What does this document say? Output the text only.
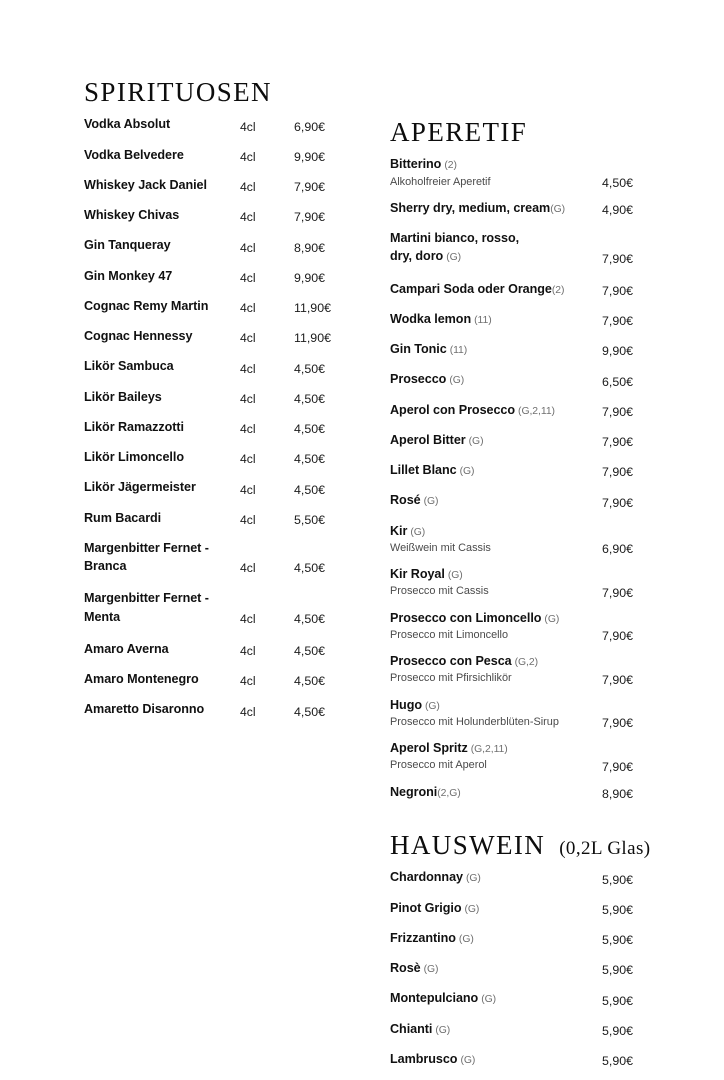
SPIRITUOSEN
Vodka Absolut	4cl	6,90€
Vodka Belvedere	4cl	9,90€
Whiskey Jack Daniel	4cl	7,90€
Whiskey Chivas	4cl	7,90€
Gin Tanqueray	4cl	8,90€
Gin Monkey 47	4cl	9,90€
Cognac Remy Martin	4cl	11,90€
Cognac Hennessy	4cl	11,90€
Likör Sambuca	4cl	4,50€
Likör Baileys	4cl	4,50€
Likör Ramazzotti	4cl	4,50€
Likör Limoncello	4cl	4,50€
Likör Jägermeister	4cl	4,50€
Rum Bacardi	4cl	5,50€
Margenbitter Fernet -
Branca	4cl	4,50€
Margenbitter Fernet -
Menta	4cl	4,50€
Amaro Averna	4cl	4,50€
Amaro Montenegro	4cl	4,50€
Amaretto Disaronno	4cl	4,50€
APERETIF
Bitterino (2)
Alkoholfreier Aperetif	4,50€
Sherry dry, medium, cream(G)	4,90€
Martini bianco, rosso,
dry, doro (G)	7,90€
Campari Soda oder Orange(2)	7,90€
Wodka lemon (11)	7,90€
Gin Tonic (11)	9,90€
Prosecco (G)	6,50€
Aperol con Prosecco (G,2,11)	7,90€
Aperol Bitter (G)	7,90€
Lillet Blanc (G)	7,90€
Rosé (G)	7,90€
Kir (G)
Weißwein mit Cassis	6,90€
Kir Royal (G)
Prosecco mit Cassis	7,90€
Prosecco con Limoncello (G)
Prosecco mit Limoncello	7,90€
Prosecco con Pesca (G,2)
Prosecco mit Pfirsichlikör	7,90€
Hugo (G)
Prosecco mit Holunderblüten-Sirup	7,90€
Aperol Spritz (G,2,11)
Prosecco mit Aperol	7,90€
Negroni(2,G)	8,90€
HAUSWEIN (0,2L Glas)
Chardonnay (G)	5,90€
Pinot Grigio (G)	5,90€
Frizzantino (G)	5,90€
Rosè (G)	5,90€
Montepulciano (G)	5,90€
Chianti (G)	5,90€
Lambrusco (G)	5,90€
